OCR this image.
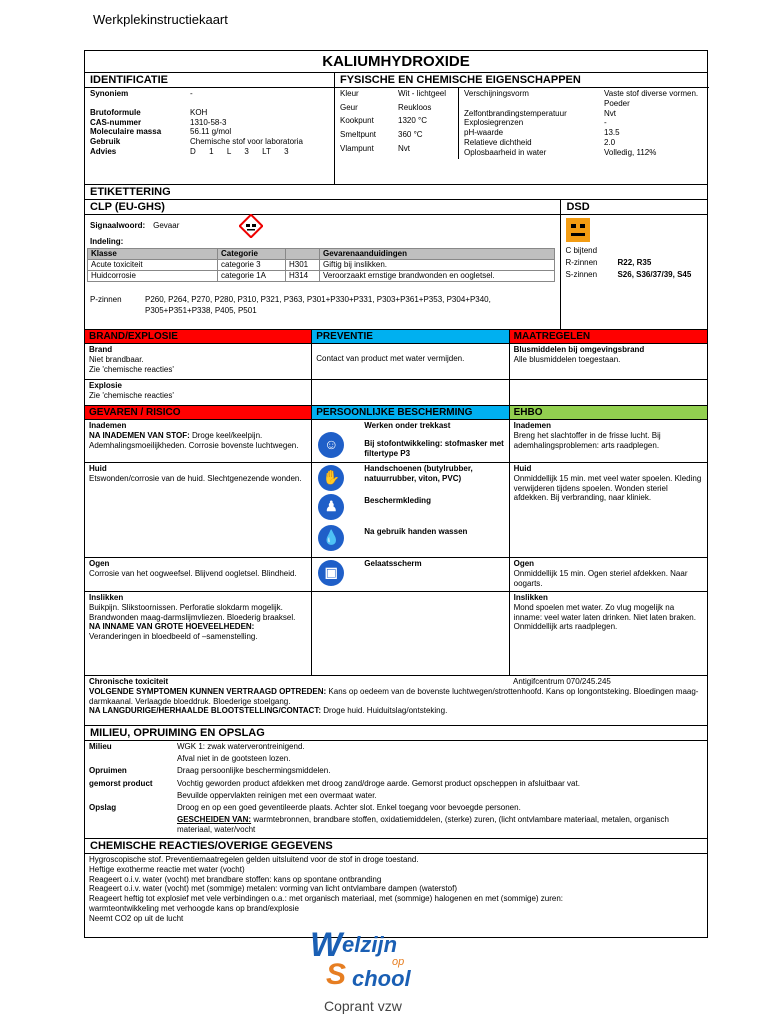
Werkplekinstructiekaart
KALIUMHYDROXIDE
IDENTIFICATIE
Synoniem	-
Brutoformule	KOH
CAS-nummer	1310-58-3
Moleculaire massa	56.11 g/mol
Gebruik	Chemische stof voor laboratoria
Advies	D      1      L      3      LT      3
FYSISCHE EN CHEMISCHE EIGENSCHAPPEN
Kleur	Wit - lichtgeel
Geur	Reukloos
Kookpunt	1320 °C
Smeltpunt	360 °C
Vlampunt	Nvt
Verschijningsvorm	Vaste stof diverse vormen. Poeder
Zelfontbrandingstemperatuur	Nvt
Explosiegrenzen	-
pH-waarde	13.5
Relatieve dichtheid	2.0
Oplosbaarheid in water	Volledig, 112%
ETIKETTERING
CLP (EU-GHS)
Signaalwoord: Gevaar
Indeling:
Klasse	Categorie		Gevarenaanduidingen
Acute toxiciteit	categorie 3	H301	Giftig bij inslikken.
Huidcorrosie	categorie 1A	H314	Veroorzaakt ernstige brandwonden en oogletsel.
P-zinnen	P260, P264, P270, P280, P310, P321, P363, P301+P330+P331, P303+P361+P353, P304+P340, P305+P351+P338, P405, P501
DSD
C bijtend
R-zinnen	R22, R35
S-zinnen	S26, S36/37/39, S45
BRAND/EXPLOSIE
Brand
Niet brandbaar.
Zie 'chemische reacties'
Explosie
Zie 'chemische reacties'
PREVENTIE
Contact van product met water vermijden.
MAATREGELEN
Blusmiddelen bij omgevingsbrand
Alle blusmiddelen toegestaan.
GEVAREN / RISICO
Inademen
NA INADEMEN VAN STOF: Droge keel/keelpijn. Ademhalingsmoeilijkheden. Corrosie bovenste luchtwegen.
Huid
Etswonden/corrosie van de huid. Slechtgenezende wonden.
Ogen
Corrosie van het oogweefsel. Blijvend oogletsel. Blindheid.
Inslikken
Buikpijn. Slikstoornissen. Perforatie slokdarm mogelijk. Brandwonden maag-darmslijmvliezen. Bloederig braaksel.
NA INNAME VAN GROTE HOEVEELHEDEN:
Veranderingen in bloedbeeld of –samenstelling.
PERSOONLIJKE BESCHERMING
Werken onder trekkast
☺	Bij stofontwikkeling: stofmasker met filtertype P3
✋
♟
💧
Handschoenen (butylrubber, natuurrubber, viton, PVC)
Beschermkleding
Na gebruik handen wassen
▣
Gelaatsscherm
EHBO
Inademen
Breng het slachtoffer in de frisse lucht. Bij ademhalingsproblemen: arts raadplegen.
Huid
Onmiddellijk 15 min. met veel water spoelen. Kleding verwijderen tijdens spoelen. Wonden steriel afdekken. Bij verbranding, naar kliniek.
Ogen
Onmiddellijk 15 min. Ogen steriel afdekken. Naar oogarts.
Inslikken
Mond spoelen met water. Zo vlug mogelijk na inname: veel water laten drinken. Niet laten braken. Onmiddellijk arts raadplegen.
Chronische toxiciteit	Antigifcentrum 070/245.245
VOLGENDE SYMPTOMEN KUNNEN VERTRAAGD OPTREDEN: Kans op oedeem van de bovenste luchtwegen/strottenhoofd. Kans op longontsteking. Bloedingen maag-darmkaanal. Verlaagde bloeddruk. Bloederige stoelgang.
NA LANGDURIGE/HERHAALDE BLOOTSTELLING/CONTACT: Droge huid. Huiduitslag/ontsteking.
MILIEU, OPRUIMING EN OPSLAG
Milieu	WGK 1: zwak waterverontreinigend.
Afval niet in de gootsteen lozen.
Opruimen	Draag persoonlijke beschermingsmiddelen.
gemorst product	Vochtig geworden product afdekken met droog zand/droge aarde. Gemorst product opscheppen in afsluitbaar vat.
Bevuilde oppervlakten reinigen met een overmaat water.
Opslag	Droog en op een goed geventileerde plaats. Achter slot. Enkel toegang voor bevoegde personen.
GESCHEIDEN VAN: warmtebronnen, brandbare stoffen, oxidatiemiddelen, (sterke) zuren, (licht ontvlambare materiaal, metalen, organisch materiaal, water/vocht
CHEMISCHE REACTIES/OVERIGE GEGEVENS
Hygroscopische stof. Preventiemaatregelen gelden uitsluitend voor de stof in droge toestand.
Heftige exotherme reactie met water (vocht)
Reageert o.i.v. water (vocht) met brandbare stoffen: kans op spontane ontbranding
Reageert o.i.v. water (vocht) met (sommige) metalen: vorming van licht ontvlambare dampen (waterstof)
Reageert heftig tot explosief met vele verbindingen o.a.: met organisch materiaal, met (sommige) halogenen en met (sommige) zuren:
warmteontwikkeling met verhoogde kans op brand/explosie
Neemt CO2 op uit de lucht
W elzijn
op
S chool
Coprant vzw
